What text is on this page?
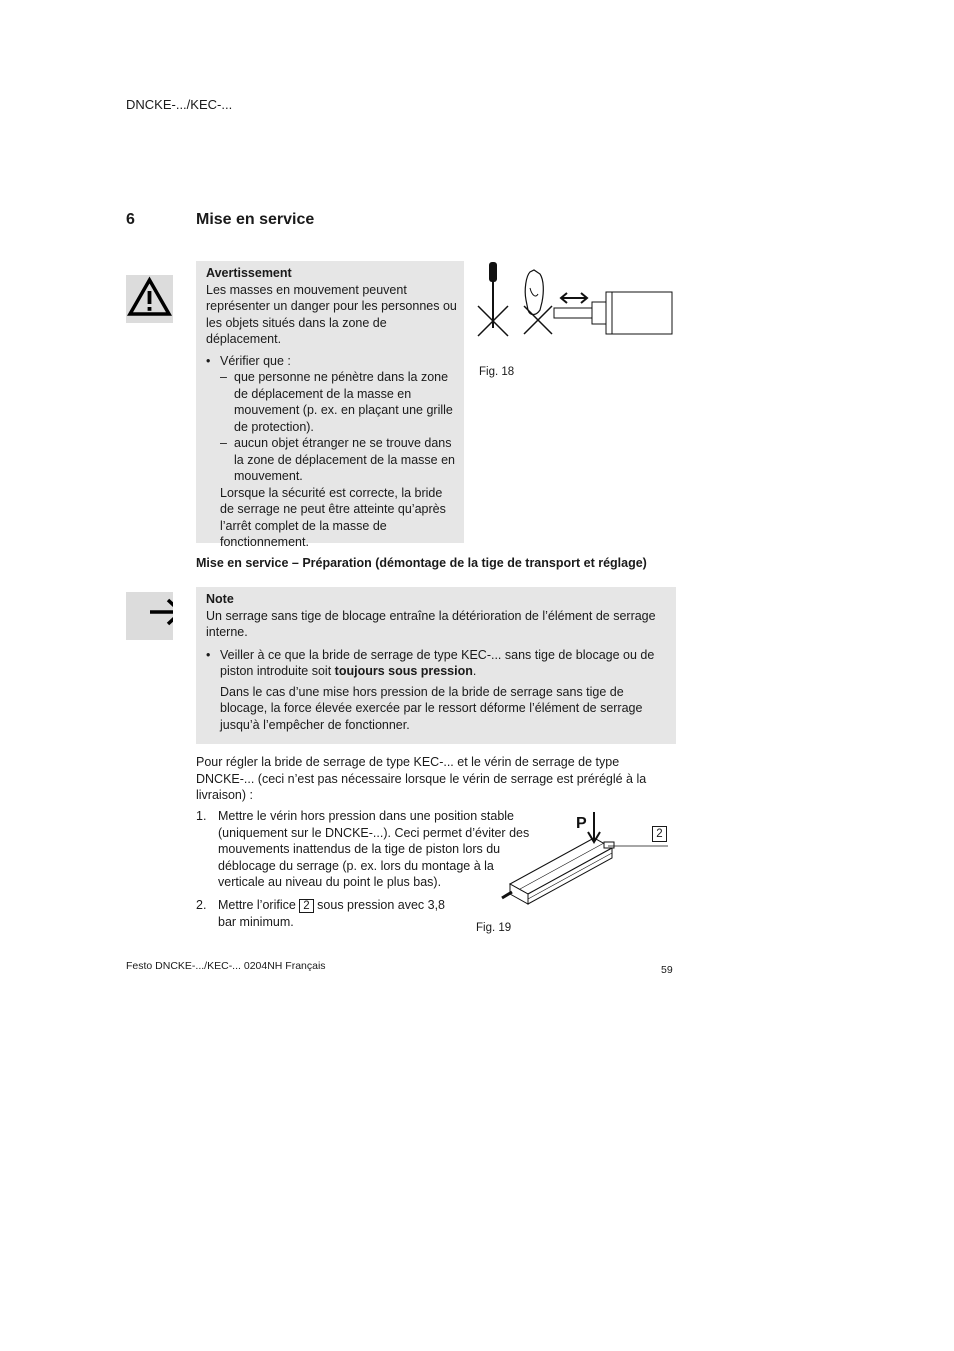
DNCKE-.../KEC-...
6	Mise en service
Avertissement
Les masses en mouvement peuvent représenter un danger pour les personnes ou les objets situés dans la zone de déplacement.
• Vérifier que :
– que personne ne pénètre dans la zone de déplacement de la masse en mouvement (p. ex. en plaçant une grille de protection).
– aucun objet étranger ne se trouve dans la zone de déplacement de la masse en mouvement.
Lorsque la sécurité est correcte, la bride de serrage ne peut être atteinte qu’après l’arrêt complet de la masse de fonctionnement.
Fig. 18
Mise en service – Préparation (démontage de la tige de transport et réglage)
Note
Un serrage sans tige de blocage entraîne la détérioration de l’élément de serrage interne.
• Veiller à ce que la bride de serrage de type KEC-... sans tige de blocage ou de piston introduite soit toujours sous pression.
Dans le cas d’une mise hors pression de la bride de serrage sans tige de blocage, la force élevée exercée par le ressort déforme l’élément de serrage jusqu’à l’empêcher de fonctionner.
Pour régler la bride de serrage de type KEC-... et le vérin de serrage de type DNCKE-... (ceci n’est pas nécessaire lorsque le vérin de serrage est préréglé à la livraison) :
1. Mettre le vérin hors pression dans une position stable (uniquement sur le DNCKE-...). Ceci permet d’éviter des mouvements inattendus de la tige de piston lors du déblocage du serrage (p. ex. lors du montage à la verticale au niveau du point le plus bas).
2. Mettre l’orifice 2 sous pression avec 3,8 bar minimum.
P
2
Fig. 19
Festo DNCKE-.../KEC-... 0204NH Français	59
